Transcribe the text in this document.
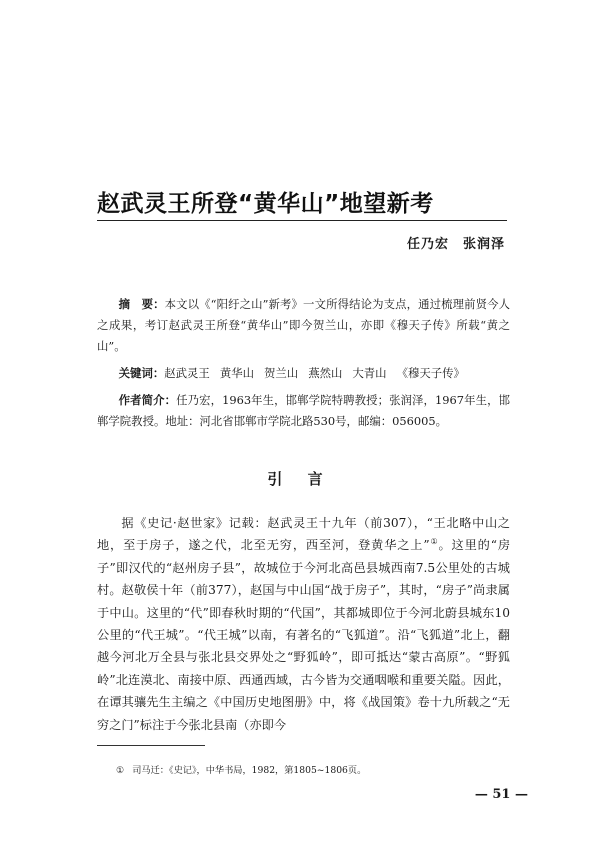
赵武灵王所登“黄华山”地望新考
任乃宏 张润泽

摘　要：本文以《“阳纡之山”新考》一文所得结论为支点，通过梳理前贤今人之成果，考订赵武灵王所登“黄华山”即今贺兰山，亦即《穆天子传》所载“黄之山”。

关键词：赵武灵王 黄华山 贺兰山 燕然山 大青山 《穆天子传》

作者简介：任乃宏，1963年生，邯郸学院特聘教授；张润泽，1967年生，邯郸学院教授。地址：河北省邯郸市学院北路530号，邮编：056005。

引 言

据《史记·赵世家》记载：赵武灵王十九年（前307），“王北略中山之地，至于房子，遂之代，北至无穷，西至河，登黄华之上”①。这里的“房子”即汉代的“赵州房子县”，故城位于今河北高邑县城西南7.5公里处的古城村。赵敬侯十年（前377），赵国与中山国“战于房子”，其时，“房子”尚隶属于中山。这里的“代”即春秋时期的“代国”，其都城即位于今河北蔚县城东10公里的“代王城”。“代王城”以南，有著名的“飞狐道”。沿“飞狐道”北上，翻越今河北万全县与张北县交界处之“野狐岭”，即可抵达“蒙古高原”。“野狐岭”北连漠北、南接中原、西通西域，古今皆为交通咽喉和重要关隘。因此，在谭其骧先生主编之《中国历史地图册》中，将《战国策》卷十九所载之“无穷之门”标注于今张北县南（亦即今

① 司马迁：《史记》，中华书局，1982，第1805~1806页。
— 51 —
